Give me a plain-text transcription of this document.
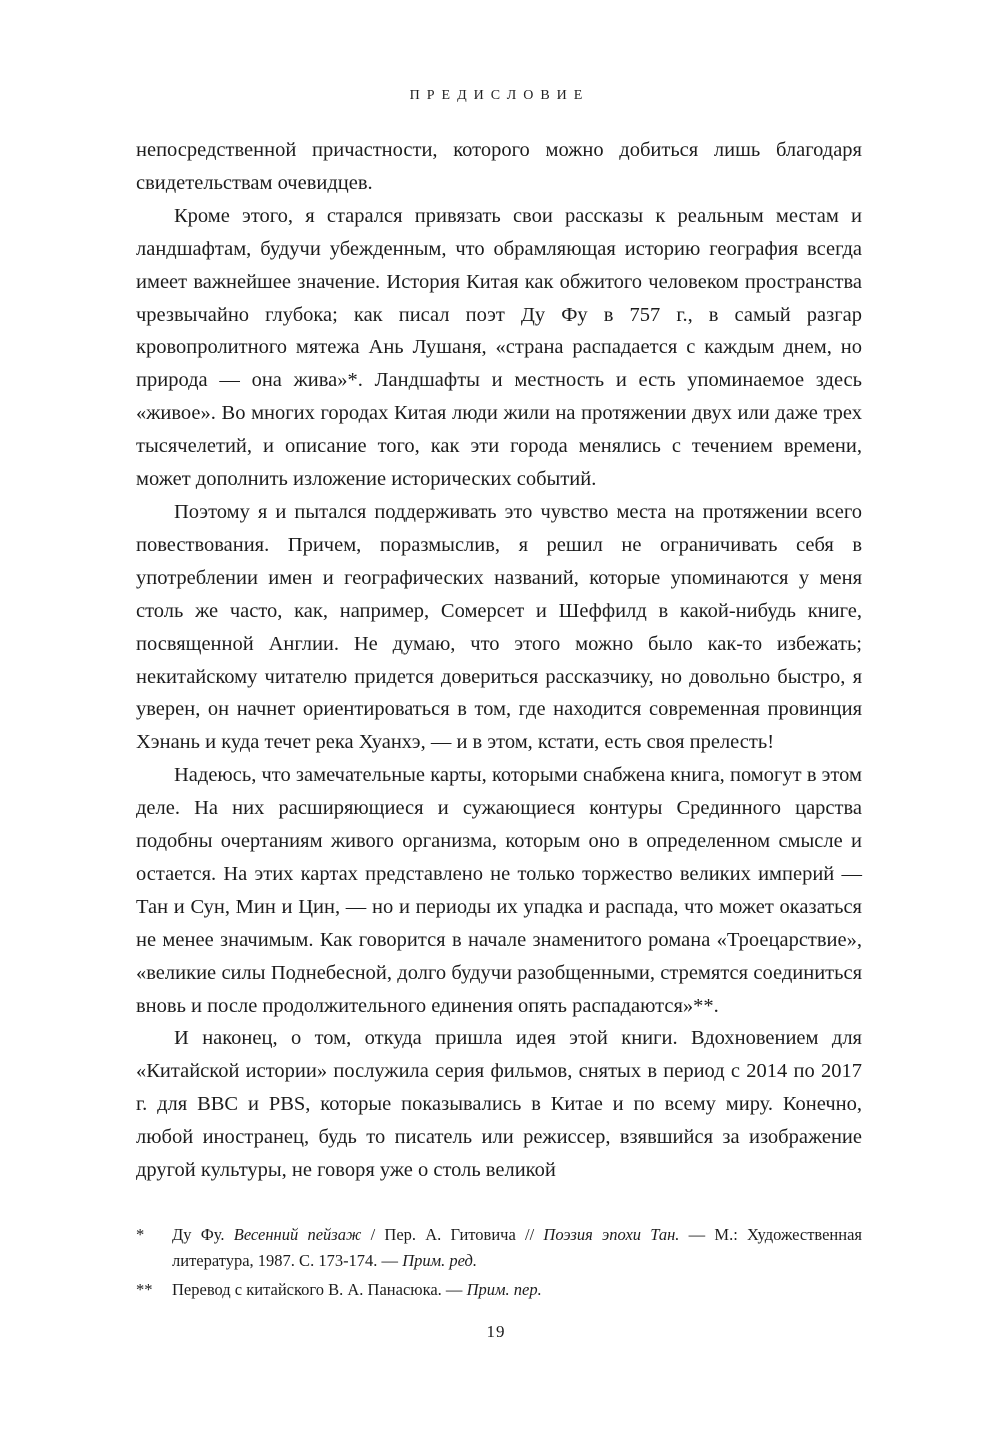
ПРЕДИСЛОВИЕ

непосредственной причастности, которого можно добиться лишь благодаря свидетельствам очевидцев.

Кроме этого, я старался привязать свои рассказы к реальным местам и ландшафтам, будучи убежденным, что обрамляющая историю география всегда имеет важнейшее значение. История Китая как обжитого человеком пространства чрезвычайно глубока; как писал поэт Ду Фу в 757 г., в самый разгар кровопролитного мятежа Ань Лушаня, «страна распадается с каждым днем, но природа — она жива»*. Ландшафты и местность и есть упоминаемое здесь «живое». Во многих городах Китая люди жили на протяжении двух или даже трех тысячелетий, и описание того, как эти города менялись с течением времени, может дополнить изложение исторических событий.

Поэтому я и пытался поддерживать это чувство места на протяжении всего повествования. Причем, поразмыслив, я решил не ограничивать себя в употреблении имен и географических названий, которые упоминаются у меня столь же часто, как, например, Сомерсет и Шеффилд в какой-нибудь книге, посвященной Англии. Не думаю, что этого можно было как-то избежать; некитайскому читателю придется довериться рассказчику, но довольно быстро, я уверен, он начнет ориентироваться в том, где находится современная провинция Хэнань и куда течет река Хуанхэ, — и в этом, кстати, есть своя прелесть!

Надеюсь, что замечательные карты, которыми снабжена книга, помогут в этом деле. На них расширяющиеся и сужающиеся контуры Срединного царства подобны очертаниям живого организма, которым оно в определенном смысле и остается. На этих картах представлено не только торжество великих империй — Тан и Сун, Мин и Цин, — но и периоды их упадка и распада, что может оказаться не менее значимым. Как говорится в начале знаменитого романа «Троецарствие», «великие силы Поднебесной, долго будучи разобщенными, стремятся соединиться вновь и после продолжительного единения опять распадаются»**.

И наконец, о том, откуда пришла идея этой книги. Вдохновением для «Китайской истории» послужила серия фильмов, снятых в период с 2014 по 2017 г. для BBC и PBS, которые показывались в Китае и по всему миру. Конечно, любой иностранец, будь то писатель или режиссер, взявшийся за изображение другой культуры, не говоря уже о столь великой

*	Ду Фу. Весенний пейзаж / Пер. А. Гитовича // Поэзия эпохи Тан. — М.: Художественная литература, 1987. С. 173-174. — Прим. ред.
**	Перевод с китайского В. А. Панасюка. — Прим. пер.
19
